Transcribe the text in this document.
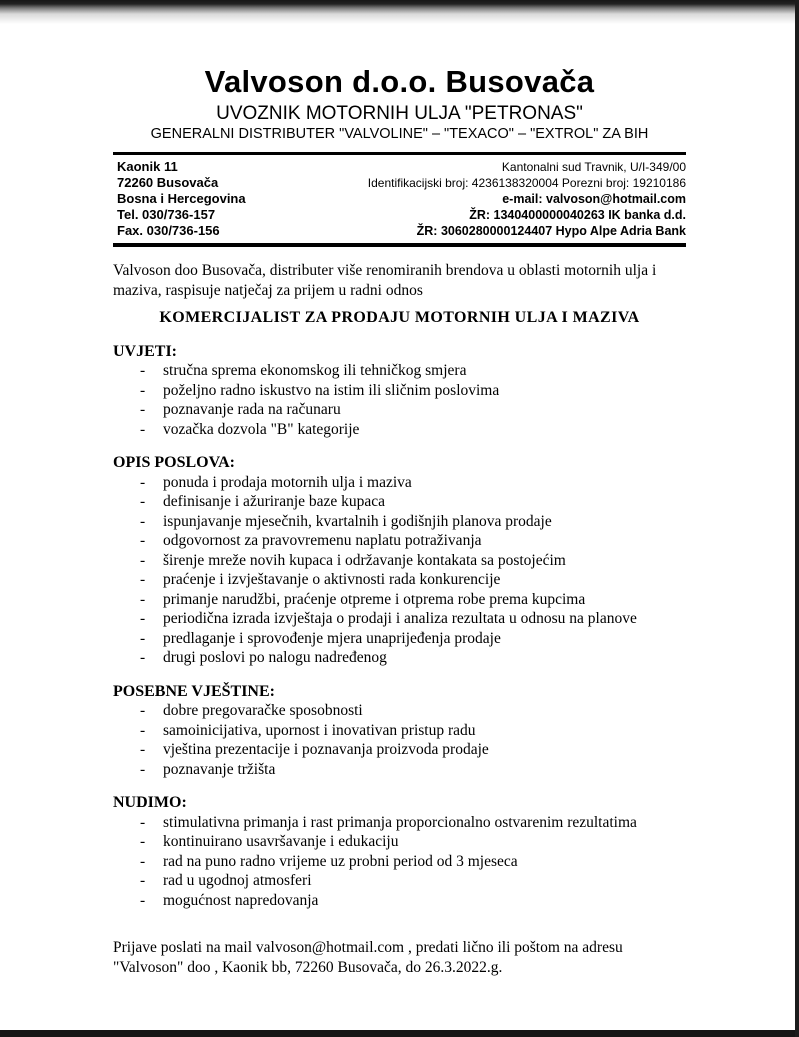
Valvoson d.o.o. Busovača
UVOZNIK MOTORNIH ULJA "PETRONAS"
GENERALNI DISTRIBUTER "VALVOLINE" – "TEXACO" – "EXTROL" ZA BIH
Kaonik 11
72260 Busovača
Bosna i Hercegovina
Tel. 030/736-157
Fax. 030/736-156
Kantonalni sud Travnik, U/I-349/00
Identifikacijski broj: 4236138320004 Porezni broj: 19210186
e-mail: valvoson@hotmail.com
ŽR: 1340400000040263 IK banka d.d.
ŽR: 3060280000124407 Hypo Alpe Adria Bank

Valvoson doo Busovača, distributer više renomiranih brendova u oblasti motornih ulja i maziva, raspisuje natječaj za prijem u radni odnos

KOMERCIJALIST ZA PRODAJU MOTORNIH ULJA I MAZIVA
UVJETI:
- stručna sprema ekonomskog ili tehničkog smjera
- poželjno radno iskustvo na istim ili sličnim poslovima
- poznavanje rada na računaru
- vozačka dozvola "B" kategorije
OPIS POSLOVA:
- ponuda i prodaja motornih ulja i maziva
- definisanje i ažuriranje baze kupaca
- ispunjavanje mjesečnih, kvartalnih i godišnjih planova prodaje
- odgovornost za pravovremenu naplatu potraživanja
- širenje mreže novih kupaca i održavanje kontakata sa postojećim
- praćenje i izvještavanje o aktivnosti rada konkurencije
- primanje narudžbi, praćenje otpreme i otprema robe prema kupcima
- periodična izrada izvještaja o prodaji i analiza rezultata u odnosu na planove
- predlaganje i sprovođenje mjera unaprijeđenja prodaje
- drugi poslovi po nalogu nadređenog
POSEBNE VJEŠTINE:
- dobre pregovaračke sposobnosti
- samoinicijativa, upornost i inovativan pristup radu
- vještina prezentacije i poznavanja proizvoda prodaje
- poznavanje tržišta
NUDIMO:
- stimulativna primanja i rast primanja proporcionalno ostvarenim rezultatima
- kontinuirano usavršavanje i edukaciju
- rad na puno radno vrijeme uz probni period od 3 mjeseca
- rad u ugodnoj atmosferi
- mogućnost napredovanja

Prijave poslati na mail valvoson@hotmail.com , predati lično ili poštom na adresu "Valvoson" doo , Kaonik bb, 72260 Busovača, do 26.3.2022.g.
